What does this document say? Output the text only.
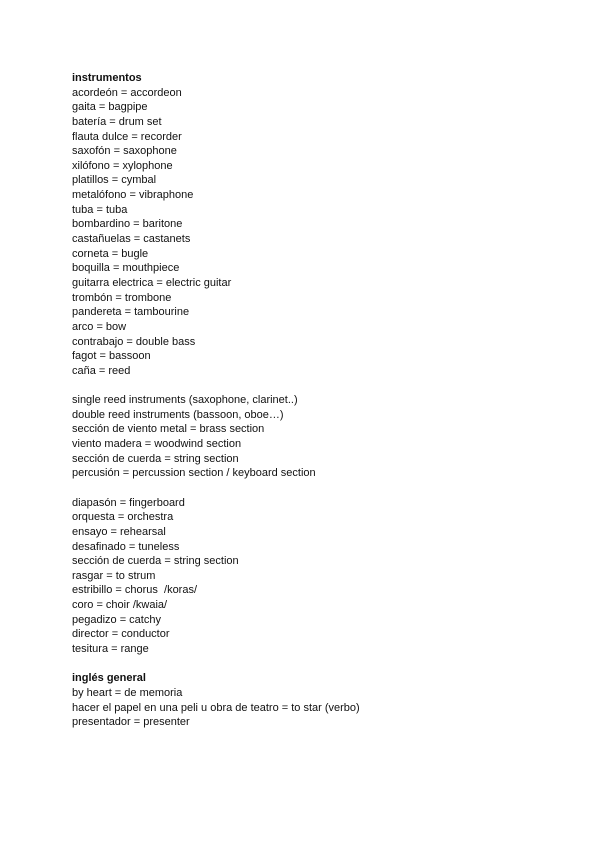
instrumentos
acordeón = accordeon
gaita = bagpipe
batería = drum set
flauta dulce = recorder
saxofón = saxophone
xilófono = xylophone
platillos = cymbal
metalófono = vibraphone
tuba = tuba
bombardino = baritone
castañuelas = castanets
corneta = bugle
boquilla = mouthpiece
guitarra electrica = electric guitar
trombón = trombone
pandereta = tambourine
arco = bow
contrabajo = double bass
fagot = bassoon
caña = reed
single reed instruments (saxophone, clarinet..)
double reed instruments (bassoon, oboe…)
sección de viento metal = brass section
viento madera = woodwind section
sección de cuerda = string section
percusión = percussion section / keyboard section
diapasón = fingerboard
orquesta = orchestra
ensayo = rehearsal
desafinado = tuneless
sección de cuerda = string section
rasgar = to strum
estribillo = chorus  /koras/
coro = choir /kwaia/
pegadizo = catchy
director = conductor
tesitura = range
inglés general
by heart = de memoria
hacer el papel en una peli u obra de teatro = to star (verbo)
presentador = presenter
